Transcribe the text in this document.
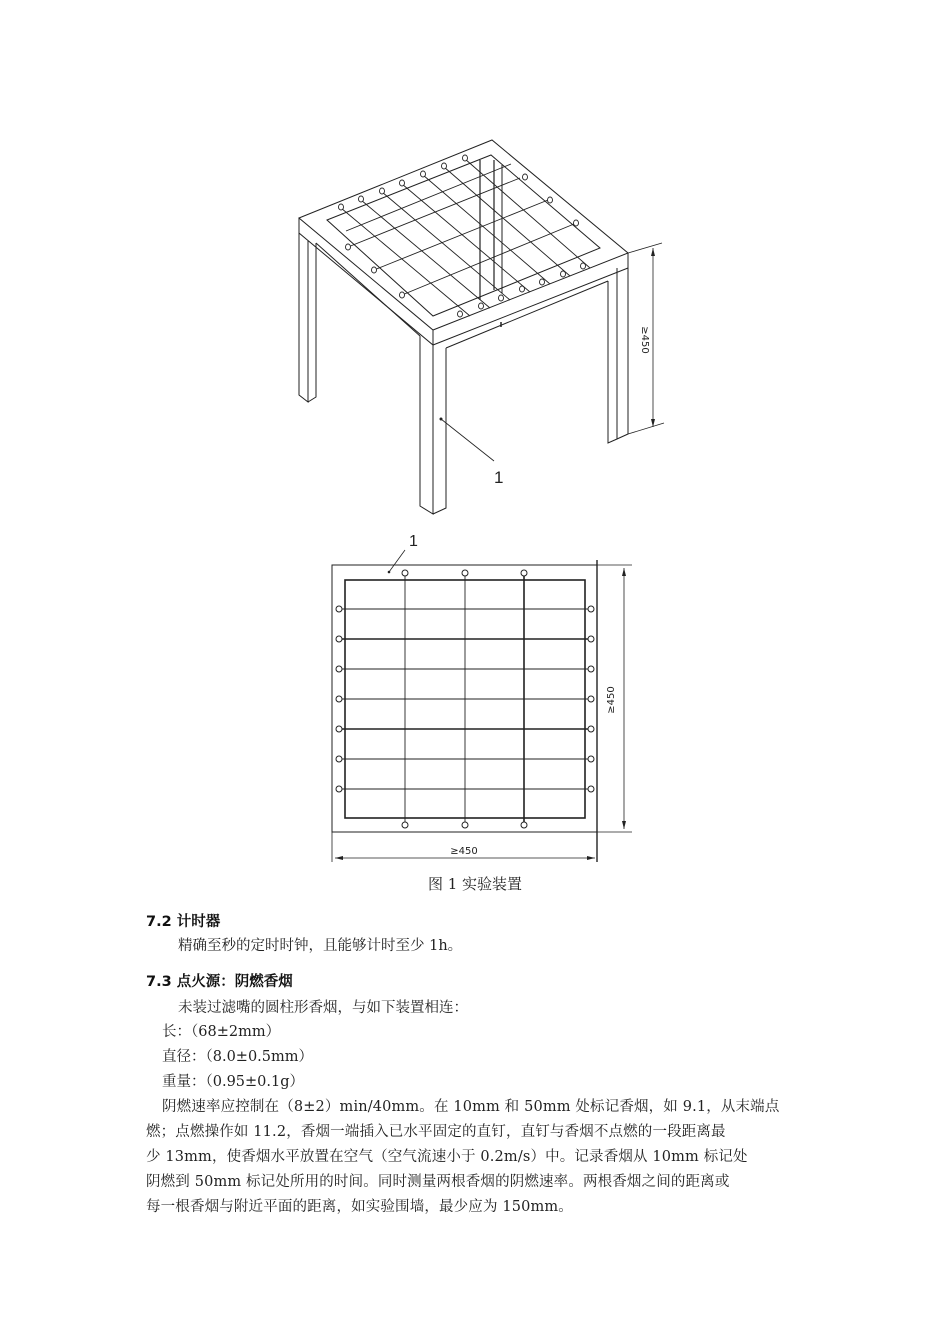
1
≥450
1
≥450
≥450
图 1 实验装置
7.2 计时器
精确至秒的定时时钟，且能够计时至少 1h。
7.3 点火源：阴燃香烟
未装过滤嘴的圆柱形香烟，与如下装置相连：
长：（68±2mm）
直径：（8.0±0.5mm）
重量：（0.95±0.1g）
阴燃速率应控制在（8±2）min/40mm。在 10mm 和 50mm 处标记香烟，如 9.1，从末端点
燃；点燃操作如 11.2，香烟一端插入已水平固定的直钉，直钉与香烟不点燃的一段距离最
少 13mm，使香烟水平放置在空气（空气流速小于 0.2m/s）中。记录香烟从 10mm 标记处
阴燃到 50mm 标记处所用的时间。同时测量两根香烟的阴燃速率。两根香烟之间的距离或
每一根香烟与附近平面的距离，如实验围墙，最少应为 150mm。
